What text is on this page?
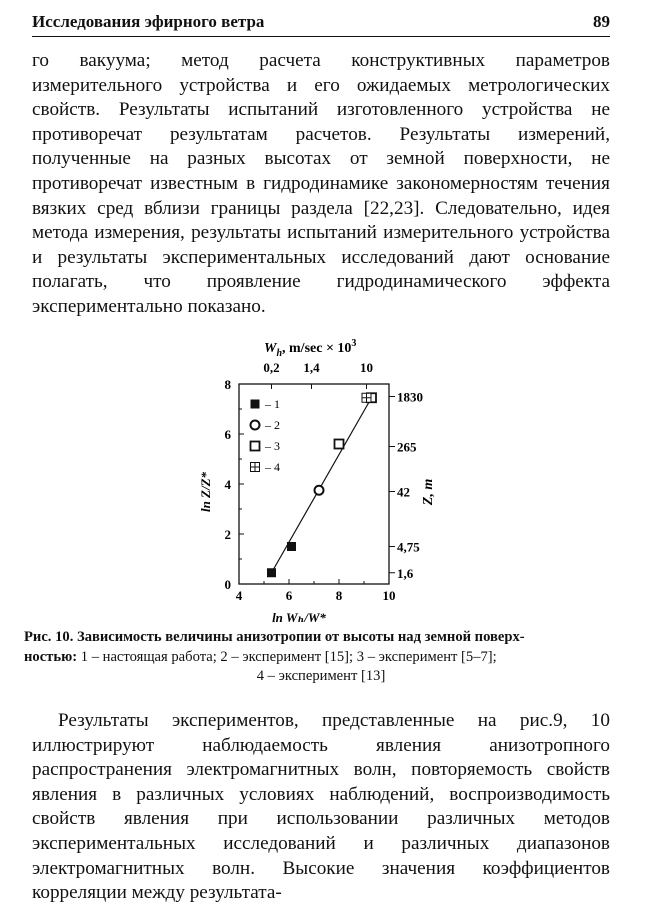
Исследования эфирного ветра	89
го вакуума; метод расчета конструктивных параметров измерительного устройства и его ожидаемых метрологических свойств. Результаты испытаний изготовленного устройства не противоречат результатам расчетов. Результаты измерений, полученные на разных высотах от земной поверхности, не противоречат известным в гидродинамике закономерностям течения вязких сред вблизи границы раздела [22,23]. Следовательно, идея метода измерения, результаты испытаний измерительного устройства и результаты экспериментальных исследований дают основание полагать, что проявление гидродинамического эффекта экспериментально показано.
$W_h$, $m/\sec \times 10^3$
Z, m
ln Z/Z*
ln Wₕ/W*
4	6	8	10
0
2
4
6
8
0,2 1,4	10
1830
265
42
4,75
1,6
– 1
– 2
– 3
– 4
Рис. 10. Зависимость величины анизотропии от высоты над земной поверх-
ностью: 1 – настоящая работа; 2 – эксперимент [15]; 3 – эксперимент [5–7];
4 – эксперимент [13]
Результаты экспериментов, представленные на рис.9, 10 иллюстрируют наблюдаемость явления анизотропного распространения электромагнитных волн, повторяемость свойств явления в различных условиях наблюдений, воспроизводимость свойств явления при использовании различных методов экспериментальных исследований и различных диапазонов электромагнитных волн. Высокие значения коэффициентов корреляции между результата-
